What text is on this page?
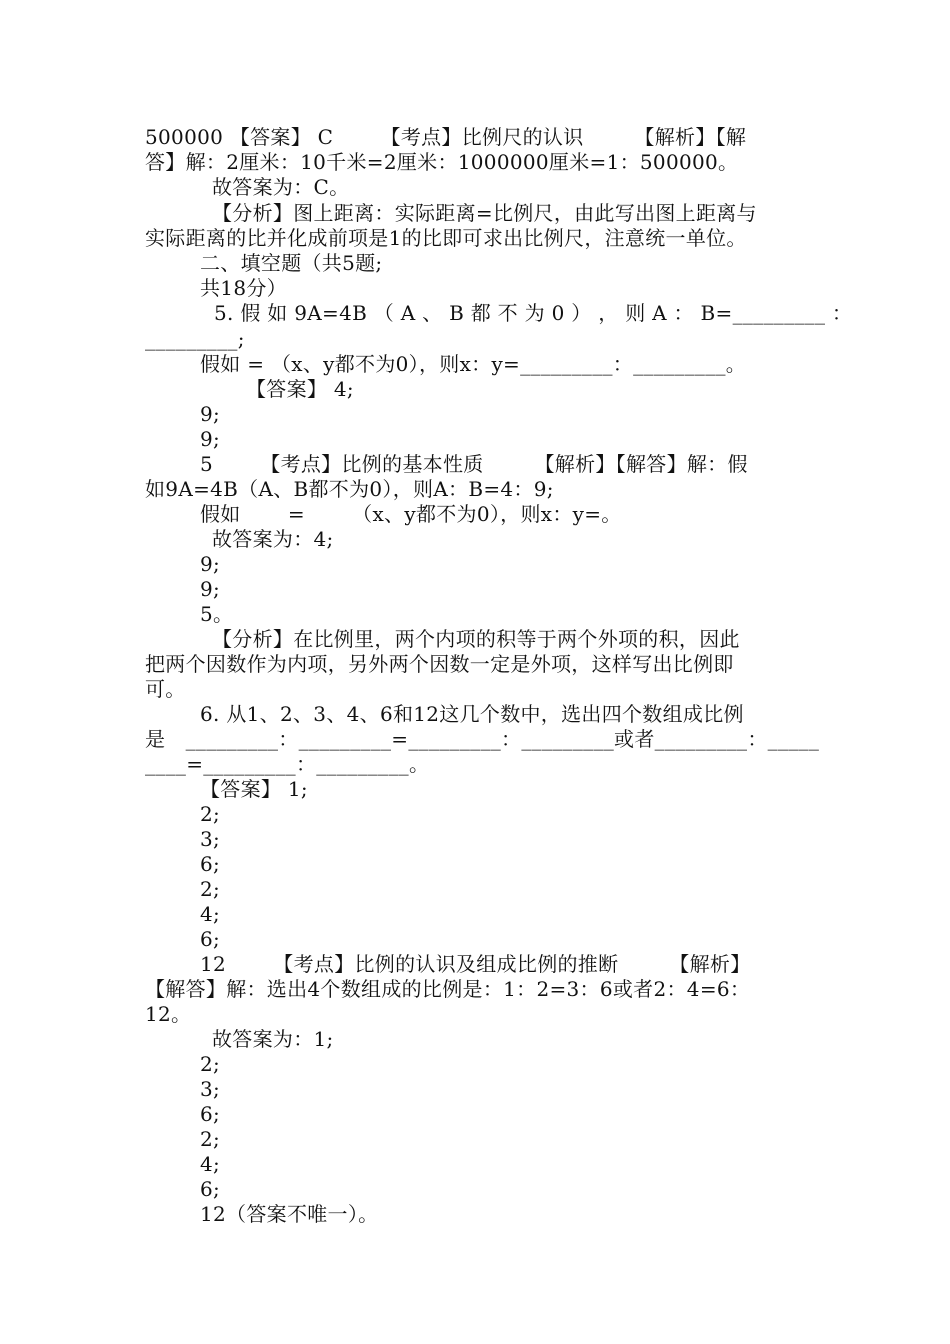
500000 【答案】 C　　 【考点】比例尺的认识　　　【解析】【解
答】解：2厘米：10千米=2厘米：1000000厘米=1：500000。
故答案为：C。
【分析】图上距离：实际距离=比例尺，由此写出图上距离与
实际距离的比并化成前项是1的比即可求出比例尺，注意统一单位。
二、填空题（共5题;
共18分）
5. 假 如 9A=4B （ A 、 B 都 不 为 0 ） ， 则 A ： B=_________ ：
_________;
假如 = （x、y都不为0），则x：y=_________：_________。
【答案】 4;
9;
9;
5　　 【考点】比例的基本性质　　　【解析】【解答】解：假
如9A=4B（A、B都不为0），则A：B=4：9;
假如　　 =　　 （x、y都不为0），则x：y=。
故答案为：4;
9;
9;
5。
【分析】在比例里，两个内项的积等于两个外项的积，因此
把两个因数作为内项，另外两个因数一定是外项，这样写出比例即
可。
6. 从1、2、3、4、6和12这几个数中，选出四个数组成比例
是　_________：_________=_________：_________或者_________：_____
____=_________：_________。
【答案】 1;
2;
3;
6;
2;
4;
6;
12　　 【考点】比例的认识及组成比例的推断　　　【解析】
【解答】解：选出4个数组成的比例是：1：2=3：6或者2：4=6：
12。
故答案为：1;
2;
3;
6;
2;
4;
6;
12（答案不唯一）。
